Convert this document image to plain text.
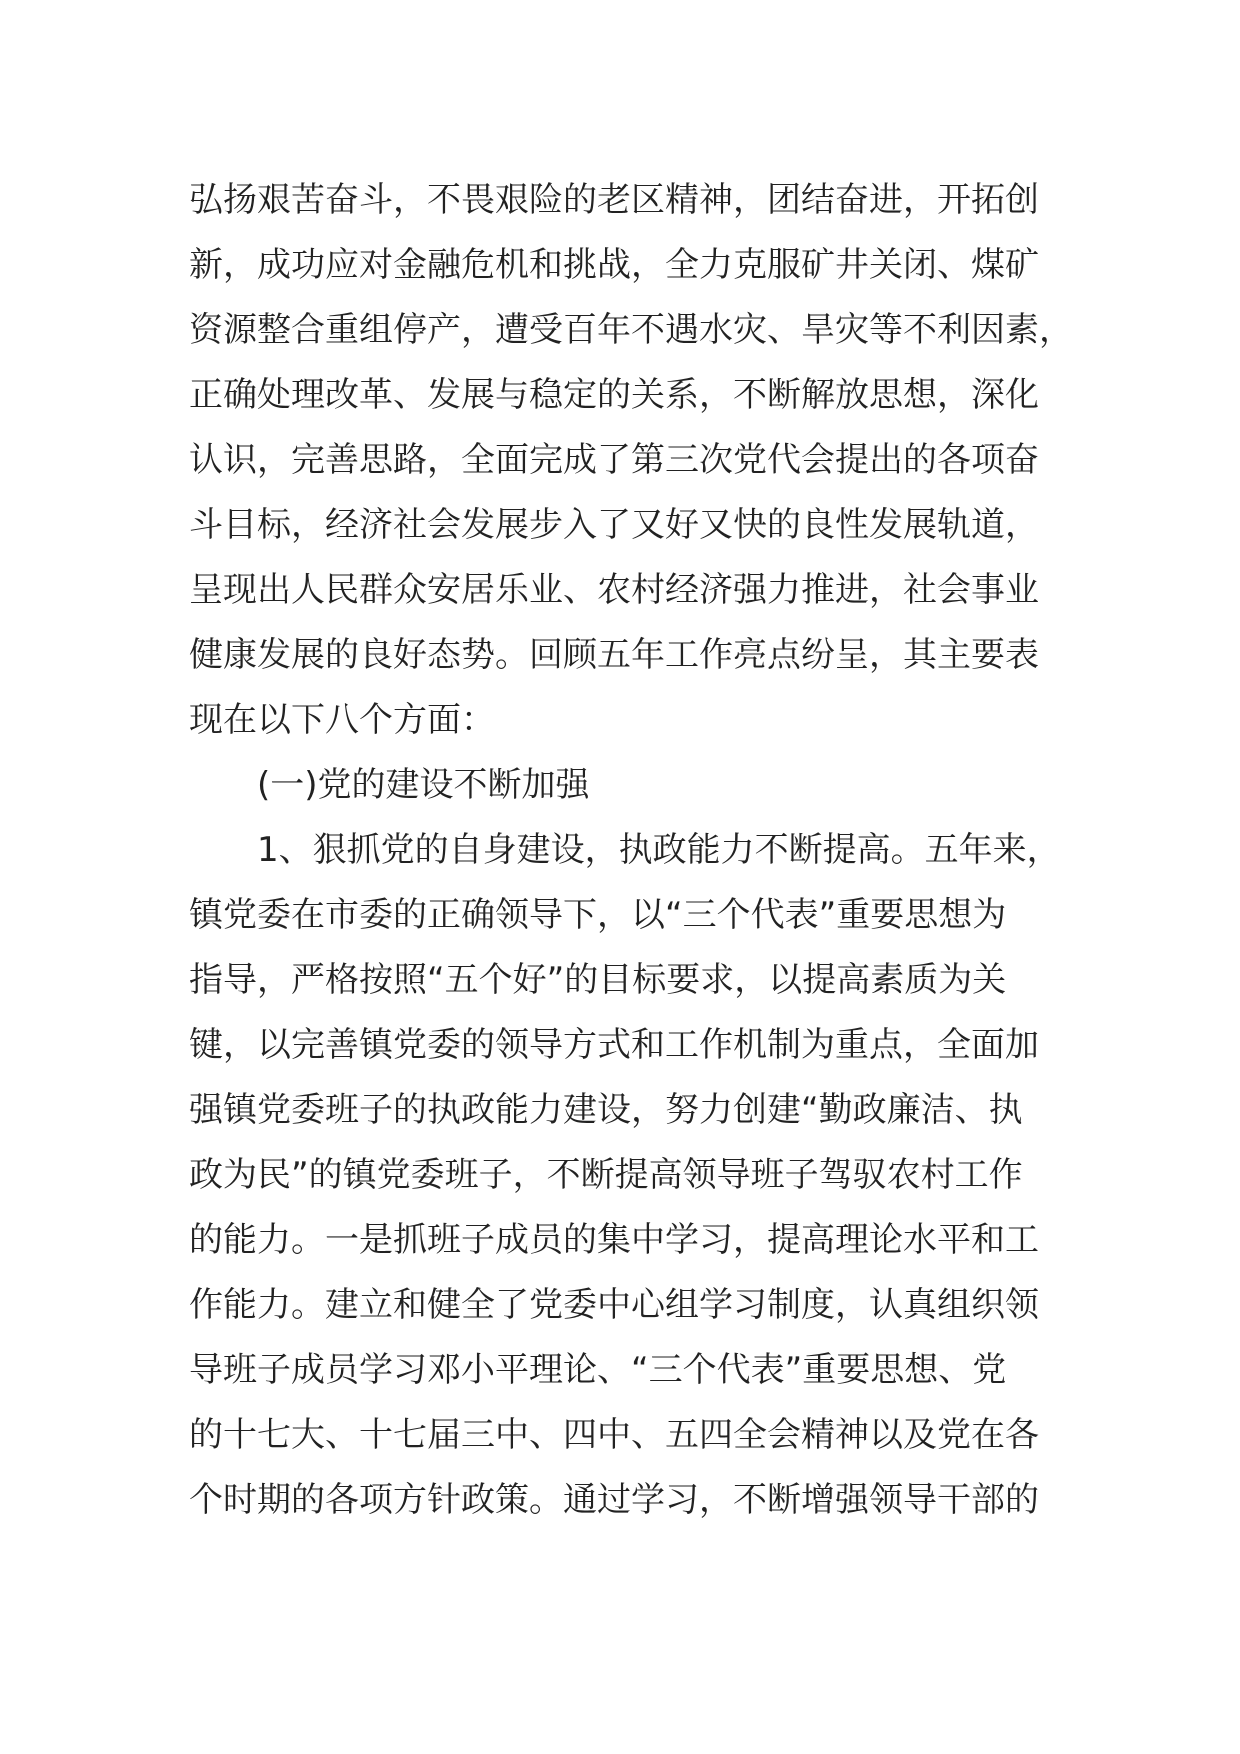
弘扬艰苦奋斗，不畏艰险的老区精神，团结奋进，开拓创
新，成功应对金融危机和挑战，全力克服矿井关闭、煤矿
资源整合重组停产，遭受百年不遇水灾、旱灾等不利因素，
正确处理改革、发展与稳定的关系，不断解放思想，深化
认识，完善思路，全面完成了第三次党代会提出的各项奋
斗目标，经济社会发展步入了又好又快的良性发展轨道，
呈现出人民群众安居乐业、农村经济强力推进，社会事业
健康发展的良好态势。回顾五年工作亮点纷呈，其主要表
现在以下八个方面：
(一)党的建设不断加强
1、狠抓党的自身建设，执政能力不断提高。五年来，
镇党委在市委的正确领导下，以“三个代表”重要思想为
指导，严格按照“五个好”的目标要求，以提高素质为关
键，以完善镇党委的领导方式和工作机制为重点，全面加
强镇党委班子的执政能力建设，努力创建“勤政廉洁、执
政为民”的镇党委班子，不断提高领导班子驾驭农村工作
的能力。一是抓班子成员的集中学习，提高理论水平和工
作能力。建立和健全了党委中心组学习制度，认真组织领
导班子成员学习邓小平理论、“三个代表”重要思想、党
的十七大、十七届三中、四中、五四全会精神以及党在各
个时期的各项方针政策。通过学习，不断增强领导干部的
